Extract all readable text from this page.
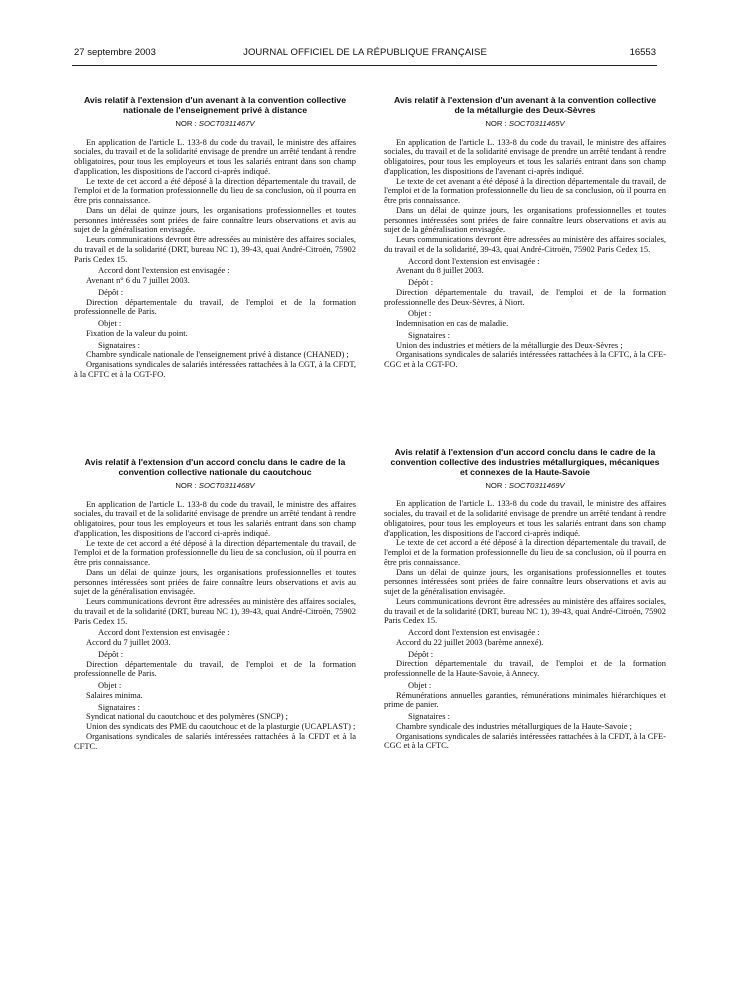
27 septembre 2003	JOURNAL OFFICIEL DE LA RÉPUBLIQUE FRANÇAISE	16553
Avis relatif à l'extension d'un avenant à la convention collective nationale de l'enseignement privé à distance
NOR : SOCT0311467V

En application de l'article L. 133-8 du code du travail, le ministre des affaires sociales, du travail et de la solidarité envisage de prendre un arrêté tendant à rendre obligatoires, pour tous les employeurs et tous les salariés entrant dans son champ d'application, les dispositions de l'accord ci-après indiqué.

Le texte de cet accord a été déposé à la direction départementale du travail, de l'emploi et de la formation professionnelle du lieu de sa conclusion, où il pourra en être pris connaissance.

Dans un délai de quinze jours, les organisations professionnelles et toutes personnes intéressées sont priées de faire connaître leurs observations et avis au sujet de la généralisation envisagée.

Leurs communications devront être adressées au ministère des affaires sociales, du travail et de la solidarité (DRT, bureau NC 1), 39-43, quai André-Citroën, 75902 Paris Cedex 15.

Accord dont l'extension est envisagée :

Avenant n° 6 du 7 juillet 2003.

Dépôt :

Direction départementale du travail, de l'emploi et de la formation professionnelle de Paris.

Objet :

Fixation de la valeur du point.

Signataires :

Chambre syndicale nationale de l'enseignement privé à distance (CHANED) ;

Organisations syndicales de salariés intéressées rattachées à la CGT, à la CFDT, à la CFTC et à la CGT-FO.

Avis relatif à l'extension d'un accord conclu dans le cadre de la convention collective nationale du caoutchouc
NOR : SOCT0311468V

En application de l'article L. 133-8 du code du travail, le ministre des affaires sociales, du travail et de la solidarité envisage de prendre un arrêté tendant à rendre obligatoires, pour tous les employeurs et tous les salariés entrant dans son champ d'application, les dispositions de l'accord ci-après indiqué.

Le texte de cet accord a été déposé à la direction départementale du travail, de l'emploi et de la formation professionnelle du lieu de sa conclusion, où il pourra en être pris connaissance.

Dans un délai de quinze jours, les organisations professionnelles et toutes personnes intéressées sont priées de faire connaître leurs observations et avis au sujet de la généralisation envisagée.

Leurs communications devront être adressées au ministère des affaires sociales, du travail et de la solidarité (DRT, bureau NC 1), 39-43, quai André-Citroën, 75902 Paris Cedex 15.

Accord dont l'extension est envisagée :

Accord du 7 juillet 2003.

Dépôt :

Direction départementale du travail, de l'emploi et de la formation professionnelle de Paris.

Objet :

Salaires minima.

Signataires :

Syndicat national du caoutchouc et des polymères (SNCP) ;

Union des syndicats des PME du caoutchouc et de la plasturgie (UCAPLAST) ;

Organisations syndicales de salariés intéressées rattachées à la CFDT et à la CFTC.

Avis relatif à l'extension d'un avenant à la convention collective de la métallurgie des Deux-Sèvres
NOR : SOCT0311465V

En application de l'article L. 133-8 du code du travail, le ministre des affaires sociales, du travail et de la solidarité envisage de prendre un arrêté tendant à rendre obligatoires, pour tous les employeurs et tous les salariés entrant dans son champ d'application, les dispositions de l'avenant ci-après indiqué.

Le texte de cet avenant a été déposé à la direction départementale du travail, de l'emploi et de la formation professionnelle du lieu de sa conclusion, où il pourra en être pris connaissance.

Dans un délai de quinze jours, les organisations professionnelles et toutes personnes intéressées sont priées de faire connaître leurs observations et avis au sujet de la généralisation envisagée.

Leurs communications devront être adressées au ministère des affaires sociales, du travail et de la solidarité, 39-43, quai André-Citroën, 75902 Paris Cedex 15.

Accord dont l'extension est envisagée :

Avenant du 8 juillet 2003.

Dépôt :

Direction départementale du travail, de l'emploi et de la formation professionnelle des Deux-Sèvres, à Niort.

Objet :

Indemnisation en cas de maladie.

Signataires :

Union des industries et métiers de la métallurgie des Deux-Sèvres ;

Organisations syndicales de salariés intéressées rattachées à la CFTC, à la CFE-CGC et à la CGT-FO.

Avis relatif à l'extension d'un accord conclu dans le cadre de la convention collective des industries métallurgiques, mécaniques et connexes de la Haute-Savoie
NOR : SOCT0311469V

En application de l'article L. 133-8 du code du travail, le ministre des affaires sociales, du travail et de la solidarité envisage de prendre un arrêté tendant à rendre obligatoires, pour tous les employeurs et tous les salariés entrant dans son champ d'application, les dispositions de l'accord ci-après indiqué.

Le texte de cet accord a été déposé à la direction départementale du travail, de l'emploi et de la formation professionnelle du lieu de sa conclusion, où il pourra en être pris connaissance.

Dans un délai de quinze jours, les organisations professionnelles et toutes personnes intéressées sont priées de faire connaître leurs observations et avis au sujet de la généralisation envisagée.

Leurs communications devront être adressées au ministère des affaires sociales, du travail et de la solidarité (DRT, bureau NC 1), 39-43, quai André-Citroën, 75902 Paris Cedex 15.

Accord dont l'extension est envisagée :

Accord du 22 juillet 2003 (barème annexé).

Dépôt :

Direction départementale du travail, de l'emploi et de la formation professionnelle de la Haute-Savoie, à Annecy.

Objet :

Rémunérations annuelles garanties, rémunérations minimales hiérarchiques et prime de panier.

Signataires :

Chambre syndicale des industries métallurgiques de la Haute-Savoie ;

Organisations syndicales de salariés intéressées rattachées à la CFDT, à la CFE-CGC et à la CFTC.
